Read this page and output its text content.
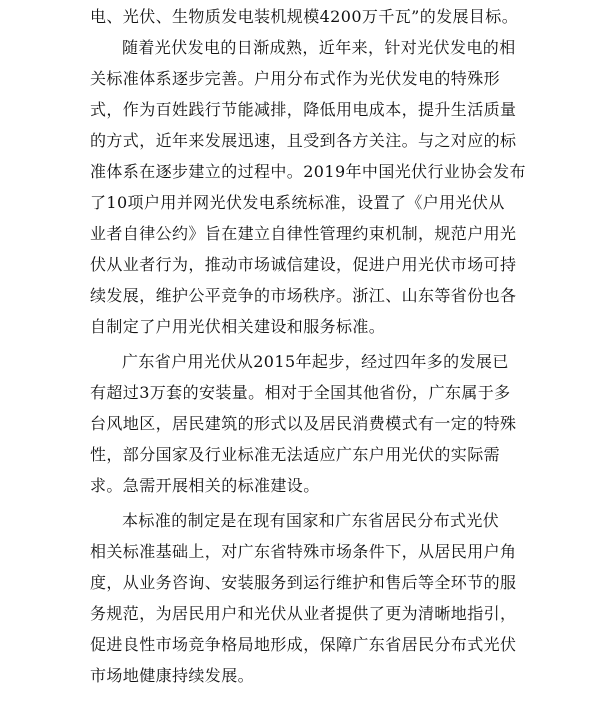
电、光伏、生物质发电装机规模4200万千瓦”的发展目标。
随着光伏发电的日渐成熟，近年来，针对光伏发电的相
关标准体系逐步完善。户用分布式作为光伏发电的特殊形
式，作为百姓践行节能减排，降低用电成本，提升生活质量
的方式，近年来发展迅速，且受到各方关注。与之对应的标
准体系在逐步建立的过程中。2019年中国光伏行业协会发布
了10项户用并网光伏发电系统标准，设置了《户用光伏从
业者自律公约》旨在建立自律性管理约束机制，规范户用光
伏从业者行为，推动市场诚信建设，促进户用光伏市场可持
续发展，维护公平竞争的市场秩序。浙江、山东等省份也各
自制定了户用光伏相关建设和服务标准。
广东省户用光伏从2015年起步，经过四年多的发展已
有超过3万套的安装量。相对于全国其他省份，广东属于多
台风地区，居民建筑的形式以及居民消费模式有一定的特殊
性，部分国家及行业标准无法适应广东户用光伏的实际需
求。急需开展相关的标准建设。
本标准的制定是在现有国家和广东省居民分布式光伏
相关标准基础上，对广东省特殊市场条件下，从居民用户角
度，从业务咨询、安装服务到运行维护和售后等全环节的服
务规范，为居民用户和光伏从业者提供了更为清晰地指引，
促进良性市场竞争格局地形成，保障广东省居民分布式光伏
市场地健康持续发展。
